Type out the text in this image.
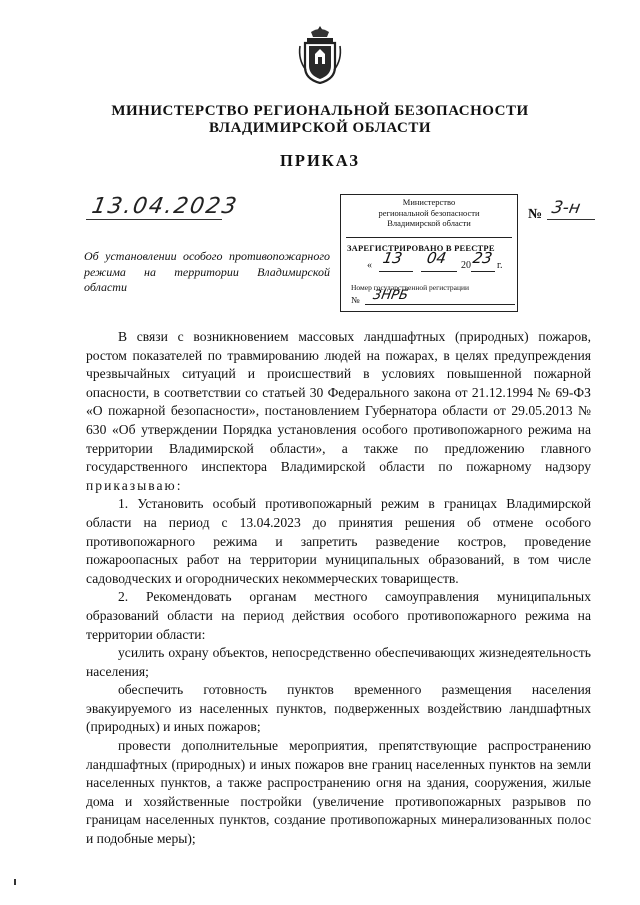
МИНИСТЕРСТВО РЕГИОНАЛЬНОЙ БЕЗОПАСНОСТИ
ВЛАДИМИРСКОЙ ОБЛАСТИ
ПРИКАЗ
13.04.2023	Министерство
региональной безопасности
Владимирской области
ЗАРЕГИСТРИРОВАНО В РЕЕСТРЕ
« 13 04 20 23 г.
Номер государственной регистрации
№ 3НРБ
№ 3-н
Об установлении особого противопожарного режима на территории Владимирской области

В связи с возникновением массовых ландшафтных (природных) пожаров, ростом показателей по травмированию людей на пожарах, в целях предупреждения чрезвычайных ситуаций и происшествий в условиях повышенной пожарной опасности, в соответствии со статьей 30 Федерального закона от 21.12.1994 № 69-ФЗ «О пожарной безопасности», постановлением Губернатора области от 29.05.2013 № 630 «Об утверждении Порядка установления особого противопожарного режима на территории Владимирской области», а также по предложению главного государственного инспектора Владимирской области по пожарному надзору приказываю:

1. Установить особый противопожарный режим в границах Владимирской области на период с 13.04.2023 до принятия решения об отмене особого противопожарного режима и запретить разведение костров, проведение пожароопасных работ на территории муниципальных образований, в том числе садоводческих и огороднических некоммерческих товариществ.

2. Рекомендовать органам местного самоуправления муниципальных образований области на период действия особого противопожарного режима на территории области:

усилить охрану объектов, непосредственно обеспечивающих жизнедеятельность населения;

обеспечить готовность пунктов временного размещения населения эвакуируемого из населенных пунктов, подверженных воздействию ландшафтных (природных) и иных пожаров;

провести дополнительные мероприятия, препятствующие распространению ландшафтных (природных) и иных пожаров вне границ населенных пунктов на земли населенных пунктов, а также распространению огня на здания, сооружения, жилые дома и хозяйственные постройки (увеличение противопожарных разрывов по границам населенных пунктов, создание противопожарных минерализованных полос и подобные меры);
